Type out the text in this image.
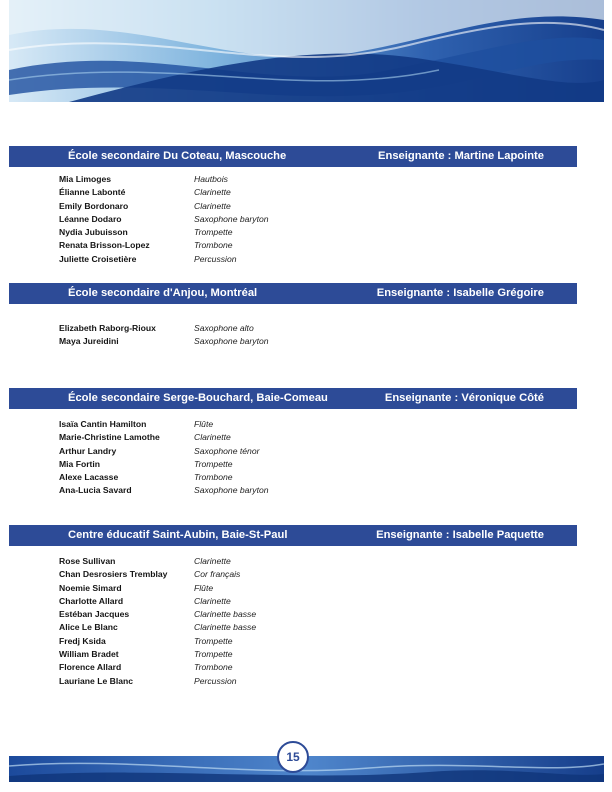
École secondaire Du Coteau, Mascouche	Enseignante : Martine Lapointe
Mia Limoges	Hautbois
Élianne Labonté	Clarinette
Emily Bordonaro	Clarinette
Léanne Dodaro	Saxophone baryton
Nydia Jubuisson	Trompette
Renata Brisson-Lopez	Trombone
Juliette Croisetière	Percussion
École secondaire d'Anjou, Montréal	Enseignante : Isabelle Grégoire
Elizabeth Raborg-Rioux	Saxophone alto
Maya Jureidini	Saxophone baryton
École secondaire Serge-Bouchard, Baie-Comeau	Enseignante : Véronique Côté
Isaïa Cantin Hamilton	Flûte
Marie-Christine Lamothe	Clarinette
Arthur Landry	Saxophone ténor
Mia Fortin	Trompette
Alexe Lacasse	Trombone
Ana-Lucia Savard	Saxophone baryton
Centre éducatif Saint-Aubin, Baie-St-Paul	Enseignante : Isabelle Paquette
Rose Sullivan	Clarinette
Chan Desrosiers Tremblay	Cor français
Noemie Simard	Flûte
Charlotte Allard	Clarinette
Estéban Jacques	Clarinette basse
Alice Le Blanc	Clarinette basse
Fredj Ksida	Trompette
William Bradet	Trompette
Florence Allard	Trombone
Lauriane Le Blanc	Percussion
15
